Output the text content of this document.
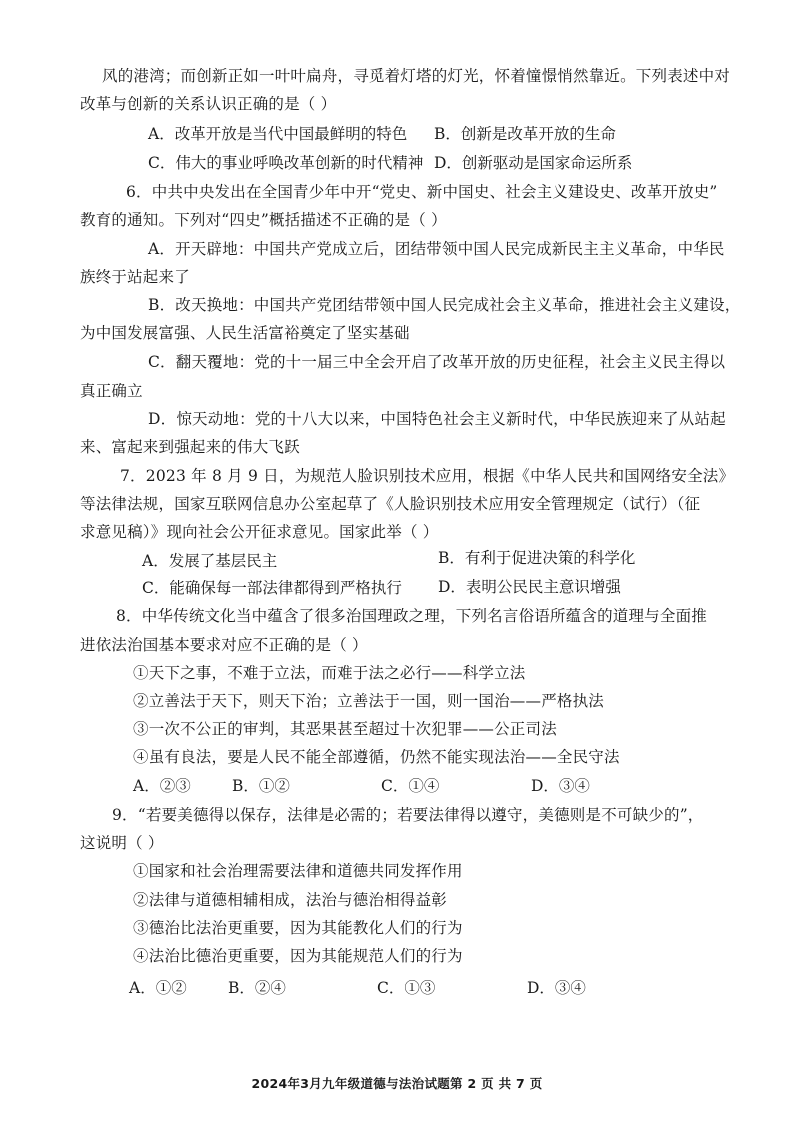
风的港湾；而创新正如一叶叶扁舟，寻觅着灯塔的灯光，怀着憧憬悄然靠近。下列表述中对
改革与创新的关系认识正确的是（ ）
A．改革开放是当代中国最鲜明的特色 B．创新是改革开放的生命
C．伟大的事业呼唤改革创新的时代精神 D．创新驱动是国家命运所系
6．中共中央发出在全国青少年中开“党史、新中国史、社会主义建设史、改革开放史”
教育的通知。下列对“四史”概括描述不正确的是（ ）
A．开天辟地：中国共产党成立后，团结带领中国人民完成新民主主义革命，中华民
族终于站起来了
B．改天换地：中国共产党团结带领中国人民完成社会主义革命，推进社会主义建设，
为中国发展富强、人民生活富裕奠定了坚实基础
C．翻天覆地：党的十一届三中全会开启了改革开放的历史征程，社会主义民主得以
真正确立
D．惊天动地：党的十八大以来，中国特色社会主义新时代，中华民族迎来了从站起
来、富起来到强起来的伟大飞跃
7．2023 年 8 月 9 日，为规范人脸识别技术应用，根据《中华人民共和国网络安全法》
等法律法规，国家互联网信息办公室起草了《人脸识别技术应用安全管理规定（试行）（征
求意见稿）》现向社会公开征求意见。国家此举（ ）
A．发展了基层民主	B．有利于促进决策的科学化
C．能确保每一部法律都得到严格执行 D．表明公民民主意识增强
8．中华传统文化当中蕴含了很多治国理政之理，下列名言俗语所蕴含的道理与全面推
进依法治国基本要求对应不正确的是（ ）
①天下之事，不难于立法，而难于法之必行——科学立法
②立善法于天下，则天下治；立善法于一国，则一国治——严格执法
③一次不公正的审判，其恶果甚至超过十次犯罪——公正司法
④虽有良法，要是人民不能全部遵循，仍然不能实现法治——全民守法
A．②③	B．①②	C．①④	D．③④
9．“若要美德得以保存，法律是必需的；若要法律得以遵守，美德则是不可缺少的”，
这说明（ ）
①国家和社会治理需要法律和道德共同发挥作用
②法律与道德相辅相成，法治与德治相得益彰
③德治比法治更重要，因为其能教化人们的行为
④法治比德治更重要，因为其能规范人们的行为
A．①②	B．②④	C．①③	D．③④
2024年3月九年级道德与法治试题第 2 页 共 7 页
